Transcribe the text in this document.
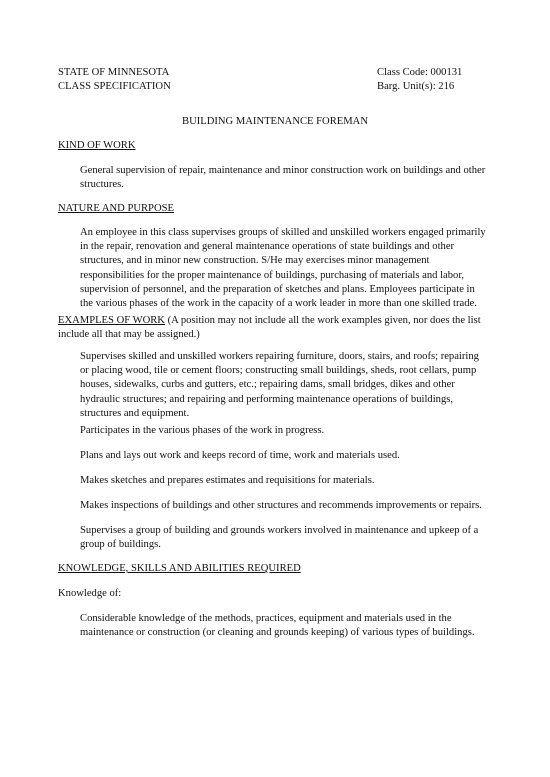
STATE OF MINNESOTA	Class Code: 000131
CLASS SPECIFICATION	Barg. Unit(s): 216
BUILDING MAINTENANCE FOREMAN
KIND OF WORK

General supervision of repair, maintenance and minor construction work on buildings and other structures.

NATURE AND PURPOSE

An employee in this class supervises groups of skilled and unskilled workers engaged primarily in the repair, renovation and general maintenance operations of state buildings and other structures, and in minor new construction. S/He may exercises minor management responsibilities for the proper maintenance of buildings, purchasing of materials and labor, supervision of personnel, and the preparation of sketches and plans. Employees participate in the various phases of the work in the capacity of a work leader in more than one skilled trade.

EXAMPLES OF WORK (A position may not include all the work examples given, nor does the list include all that may be assigned.)

Supervises skilled and unskilled workers repairing furniture, doors, stairs, and roofs; repairing or placing wood, tile or cement floors; constructing small buildings, sheds, root cellars, pump houses, sidewalks, curbs and gutters, etc.; repairing dams, small bridges, dikes and other hydraulic structures; and repairing and performing maintenance operations of buildings, structures and equipment.

Participates in the various phases of the work in progress.

Plans and lays out work and keeps record of time, work and materials used.

Makes sketches and prepares estimates and requisitions for materials.

Makes inspections of buildings and other structures and recommends improvements or repairs.

Supervises a group of building and grounds workers involved in maintenance and upkeep of a group of buildings.

KNOWLEDGE, SKILLS AND ABILITIES REQUIRED
Knowledge of:

Considerable knowledge of the methods, practices, equipment and materials used in the maintenance or construction (or cleaning and grounds keeping) of various types of buildings.
